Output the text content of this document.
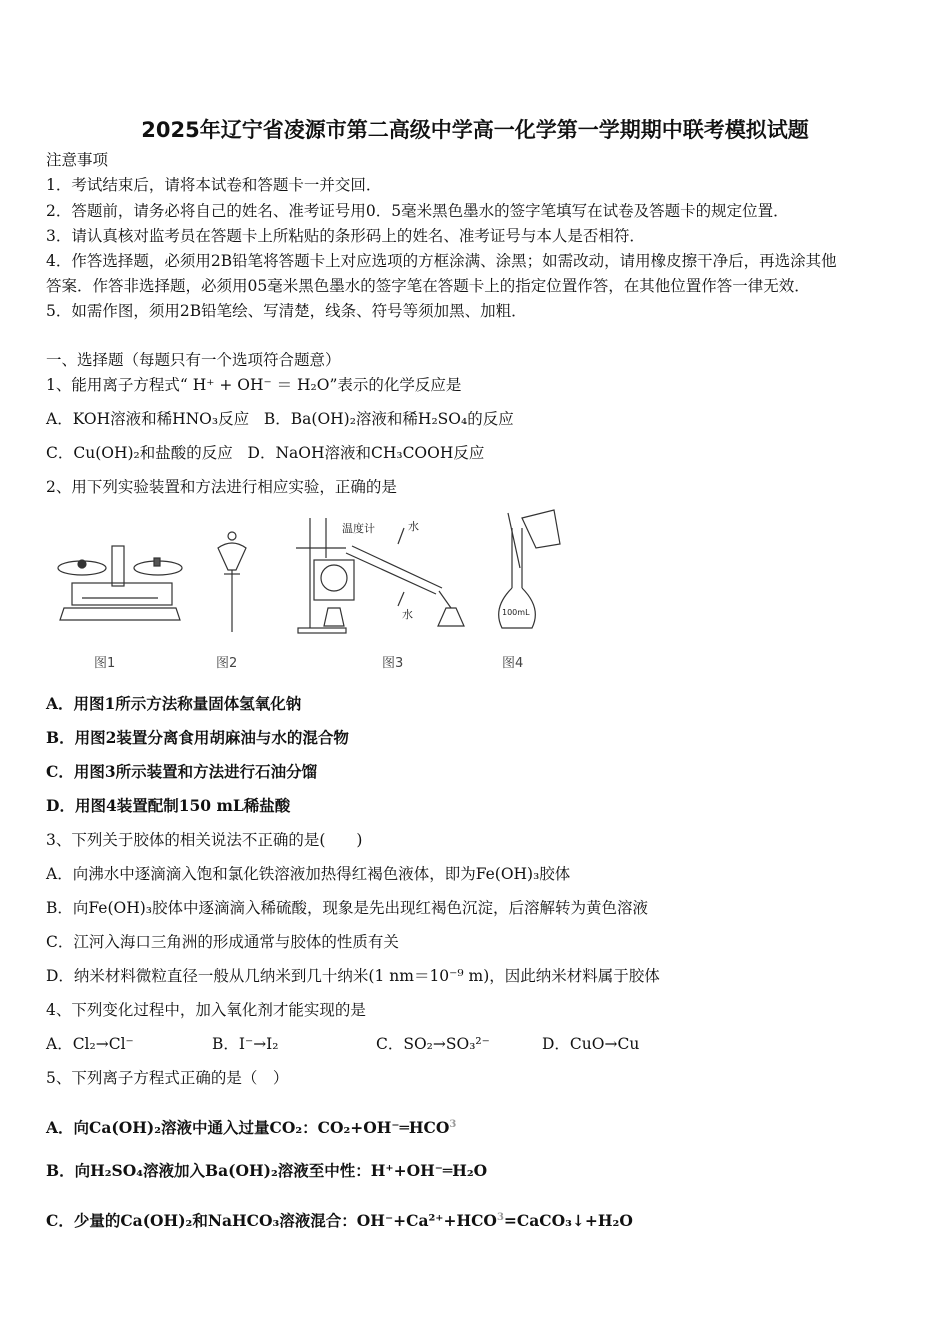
2025年辽宁省凌源市第二高级中学高一化学第一学期期中联考模拟试题
注意事项
1．考试结束后，请将本试卷和答题卡一并交回．
2．答题前，请务必将自己的姓名、准考证号用0．5毫米黑色墨水的签字笔填写在试卷及答题卡的规定位置．
3．请认真核对监考员在答题卡上所粘贴的条形码上的姓名、准考证号与本人是否相符．
4．作答选择题，必须用2B铅笔将答题卡上对应选项的方框涂满、涂黑；如需改动，请用橡皮擦干净后，再选涂其他
答案．作答非选择题，必须用05毫米黑色墨水的签字笔在答题卡上的指定位置作答，在其他位置作答一律无效．
5．如需作图，须用2B铅笔绘、写清楚，线条、符号等须加黑、加粗．
一、选择题（每题只有一个选项符合题意）
1、能用离子方程式“ H⁺ + OH⁻ ＝ H₂O”表示的化学反应是
A．KOH溶液和稀HNO₃反应 B．Ba(OH)₂溶液和稀H₂SO₄的反应
C．Cu(OH)₂和盐酸的反应 D．NaOH溶液和CH₃COOH反应
2、用下列实验装置和方法进行相应实验，正确的是
温度计	水
水	100mL
图1	图2	图3	图4
A．用图1所示方法称量固体氢氧化钠
B．用图2装置分离食用胡麻油与水的混合物
C．用图3所示装置和方法进行石油分馏
D．用图4装置配制150 mL稀盐酸
3、下列关于胶体的相关说法不正确的是(　　)
A．向沸水中逐滴滴入饱和氯化铁溶液加热得红褐色液体，即为Fe(OH)₃胶体
B．向Fe(OH)₃胶体中逐滴滴入稀硫酸，现象是先出现红褐色沉淀，后溶解转为黄色溶液
C．江河入海口三角洲的形成通常与胶体的性质有关
D．纳米材料微粒直径一般从几纳米到几十纳米(1 nm＝10⁻⁹ m)，因此纳米材料属于胶体
4、下列变化过程中，加入氧化剂才能实现的是
A．Cl₂→Cl⁻	B．I⁻→I₂	C．SO₂→SO₃²⁻	D．CuO→Cu
5、下列离子方程式正确的是（　）
A．向Ca(OH)₂溶液中通入过量CO₂：$CO_2+OH^-═HCO^3$
B．向H₂SO₄溶液加入Ba(OH)₂溶液至中性：H⁺+OH⁻═H₂O
C．少量的Ca(OH)₂和NaHCO₃溶液混合：$OH^-+Ca^{2+}+HCO^3=CaCO_3↓+H_2O$
